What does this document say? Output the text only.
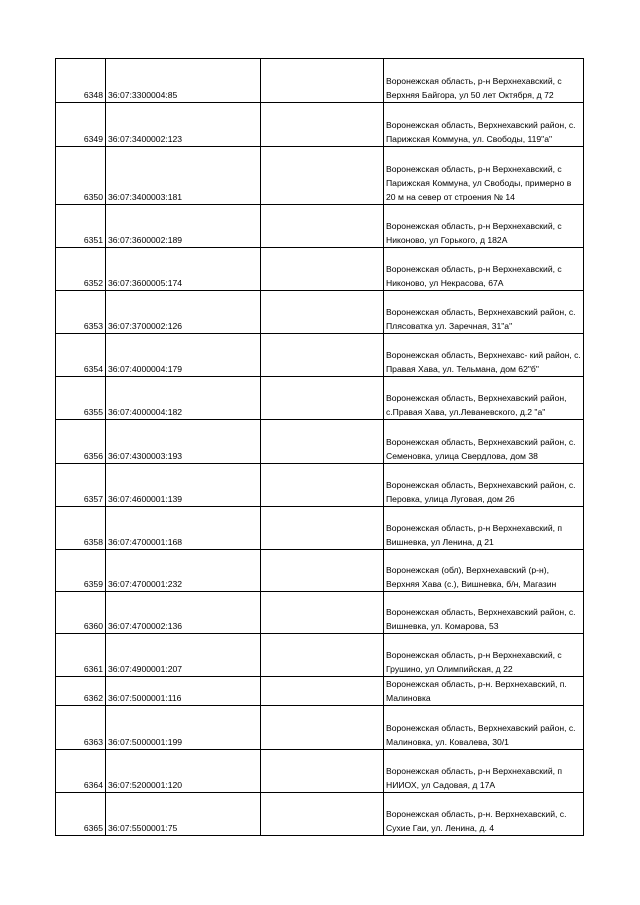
6348	36:07:3300004:85		Воронежская область, р-н Верхнехавский, с Верхняя Байгора, ул 50 лет Октября, д 72
6349	36:07:3400002:123		Воронежская область, Верхнехавский район, с. Парижская Коммуна, ул. Свободы, 119"а"
6350	36:07:3400003:181		Воронежская область, р-н Верхнехавский, с Парижская Коммуна, ул Свободы, примерно в 20 м на север от строения № 14
6351	36:07:3600002:189		Воронежская область, р-н Верхнехавский, с Никоново, ул Горького, д 182А
6352	36:07:3600005:174		Воронежская область, р-н Верхнехавский, с Никоново, ул Некрасова, 67А
6353	36:07:3700002:126		Воронежская область, Верхнехавский район, с. Плясоватка ул. Заречная, 31"а"
6354	36:07:4000004:179		Воронежская область, Верхнехавс- кий район, с. Правая Хава, ул. Тельмана, дом 62"б"
6355	36:07:4000004:182		Воронежская область, Верхнехавский район, с.Правая Хава, ул.Леваневского, д.2 "а"
6356	36:07:4300003:193		Воронежская область, Верхнехавский район, с. Семеновка, улица Свердлова, дом 38
6357	36:07:4600001:139		Воронежская область, Верхнехавский район, с. Перовка, улица Луговая, дом 26
6358	36:07:4700001:168		Воронежская область, р-н Верхнехавский, п Вишневка, ул Ленина, д 21
6359	36:07:4700001:232		Воронежская (обл), Верхнехавский (р-н), Верхняя Хава (с.), Вишневка, б/н, Магазин
6360	36:07:4700002:136		Воронежская область, Верхнехавский район, с. Вишневка, ул. Комарова, 53
6361	36:07:4900001:207		Воронежская область, р-н Верхнехавский, с Грушино, ул Олимпийская, д 22
6362	36:07:5000001:116		Воронежская область, р-н. Верхнехавский, п. Малиновка
6363	36:07:5000001:199		Воронежская область, Верхнехавский район, с. Малиновка, ул. Ковалева, 30/1
6364	36:07:5200001:120		Воронежская область, р-н Верхнехавский, п НИИОХ, ул Садовая, д 17А
6365	36:07:5500001:75		Воронежская область, р-н. Верхнехавский, с. Сухие Гаи, ул. Ленина, д. 4
